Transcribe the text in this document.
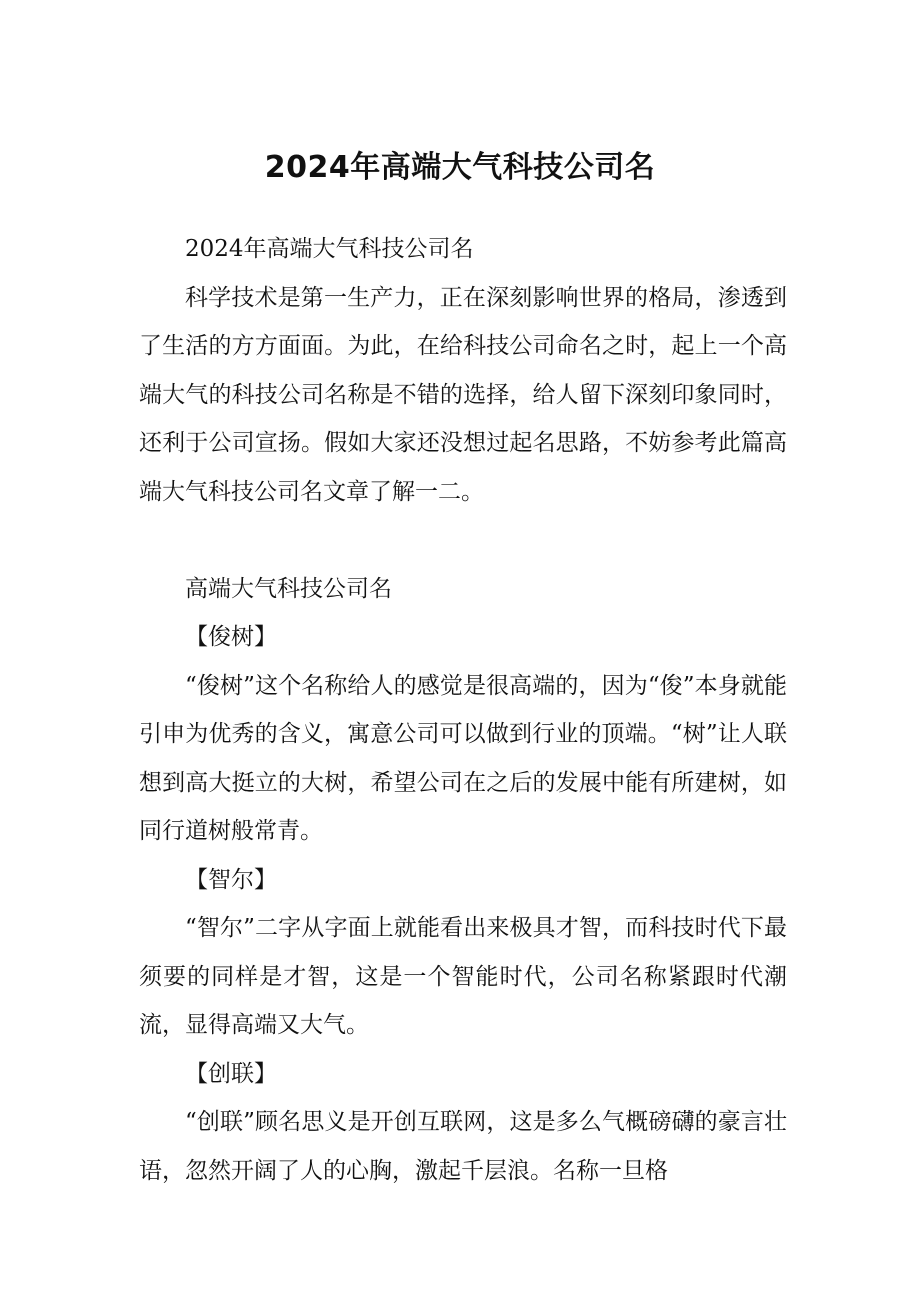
2024年高端大气科技公司名

2024年高端大气科技公司名

科学技术是第一生产力，正在深刻影响世界的格局，渗透到了生活的方方面面。为此，在给科技公司命名之时，起上一个高端大气的科技公司名称是不错的选择，给人留下深刻印象同时，还利于公司宣扬。假如大家还没想过起名思路，不妨参考此篇高端大气科技公司名文章了解一二。

高端大气科技公司名

【俊树】

“俊树”这个名称给人的感觉是很高端的，因为“俊”本身就能引申为优秀的含义，寓意公司可以做到行业的顶端。“树”让人联想到高大挺立的大树，希望公司在之后的发展中能有所建树，如同行道树般常青。

【智尔】

“智尔”二字从字面上就能看出来极具才智，而科技时代下最须要的同样是才智，这是一个智能时代，公司名称紧跟时代潮流，显得高端又大气。

【创联】

“创联”顾名思义是开创互联网，这是多么气概磅礴的豪言壮语，忽然开阔了人的心胸，激起千层浪。名称一旦格
